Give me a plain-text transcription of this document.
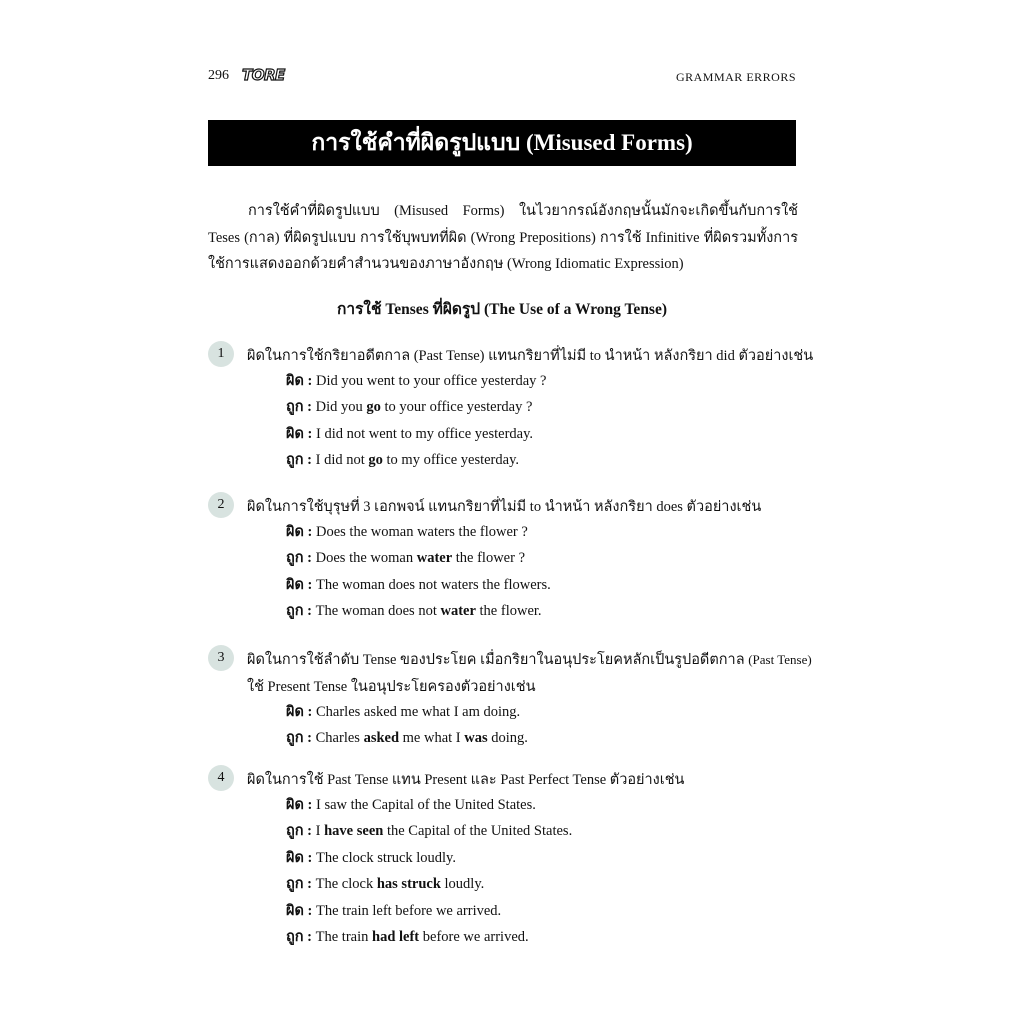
296 TORE	GRAMMAR ERRORS
การใช้คำที่ผิดรูปแบบ (Misused Forms)
การใช้คำที่ผิดรูปแบบ (Misused Forms) ในไวยากรณ์อังกฤษนั้นมักจะเกิดขึ้นกับการใช้ Teses (กาล) ที่ผิดรูปแบบ การใช้บุพบทที่ผิด (Wrong Prepositions) การใช้ Infinitive ที่ผิดรวมทั้งการใช้การแสดงออกด้วยคำสำนวนของภาษาอังกฤษ (Wrong Idiomatic Expression)
การใช้ Tenses ที่ผิดรูป (The Use of a Wrong Tense)
1	ผิดในการใช้กริยาอดีตกาล (Past Tense) แทนกริยาที่ไม่มี to นำหน้า หลังกริยา did ตัวอย่างเช่น
ผิด : Did you went to your office yesterday ?
ถูก : Did you go to your office yesterday ?
ผิด : I did not went to my office yesterday.
ถูก : I did not go to my office yesterday.
2	ผิดในการใช้บุรุษที่ 3 เอกพจน์ แทนกริยาที่ไม่มี to นำหน้า หลังกริยา does ตัวอย่างเช่น
ผิด : Does the woman waters the flower ?
ถูก : Does the woman water the flower ?
ผิด : The woman does not waters the flowers.
ถูก : The woman does not water the flower.
3	ผิดในการใช้ลำดับ Tense ของประโยค เมื่อกริยาในอนุประโยคหลักเป็นรูปอดีตกาล (Past Tense)
ใช้ Present Tense ในอนุประโยครองตัวอย่างเช่น
ผิด : Charles asked me what I am doing.
ถูก : Charles asked me what I was doing.
4	ผิดในการใช้ Past Tense แทน Present และ Past Perfect Tense ตัวอย่างเช่น
ผิด : I saw the Capital of the United States.
ถูก : I have seen the Capital of the United States.
ผิด : The clock struck loudly.
ถูก : The clock has struck loudly.
ผิด : The train left before we arrived.
ถูก : The train had left before we arrived.
